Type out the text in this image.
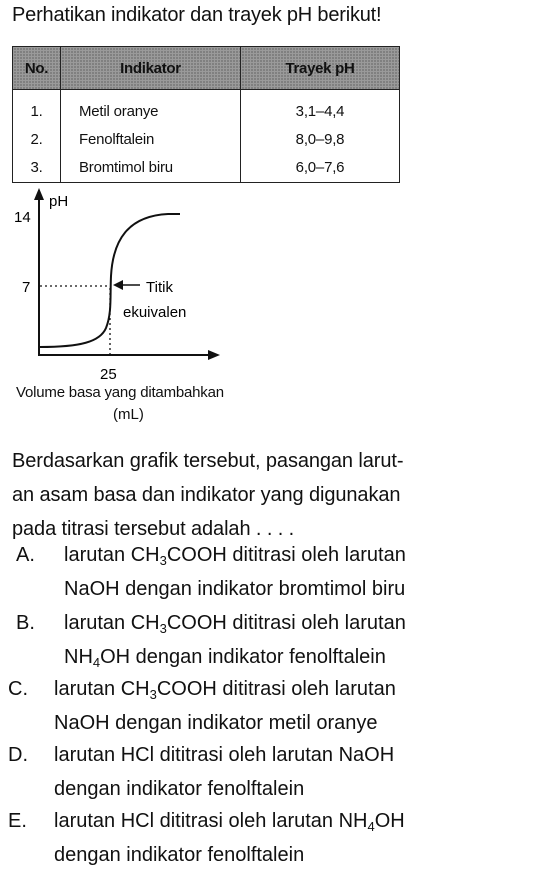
Perhatikan indikator dan trayek pH berikut!
No.	Indikator	Trayek pH
1.	Metil oranye	3,1–4,4
2.	Fenolftalein	8,0–9,8
3.	Bromtimol biru	6,0–7,6
pH
14
7
25
Titik
ekuivalen
Volume basa yang ditambahkan
(mL)
Berdasarkan grafik tersebut, pasangan larut-
an asam basa dan indikator yang digunakan
pada titrasi tersebut adalah . . . .
A. larutan $CH_3COOH$ dititrasi oleh larutan
NaOH dengan indikator bromtimol biru
B. larutan $CH_3COOH$ dititrasi oleh larutan
$NH_4OH$ dengan indikator fenolftalein
C. larutan $CH_3COOH$ dititrasi oleh larutan
NaOH dengan indikator metil oranye
D. larutan HCl dititrasi oleh larutan NaOH
dengan indikator fenolftalein
E. larutan HCl dititrasi oleh larutan $NH_4OH$
dengan indikator fenolftalein
